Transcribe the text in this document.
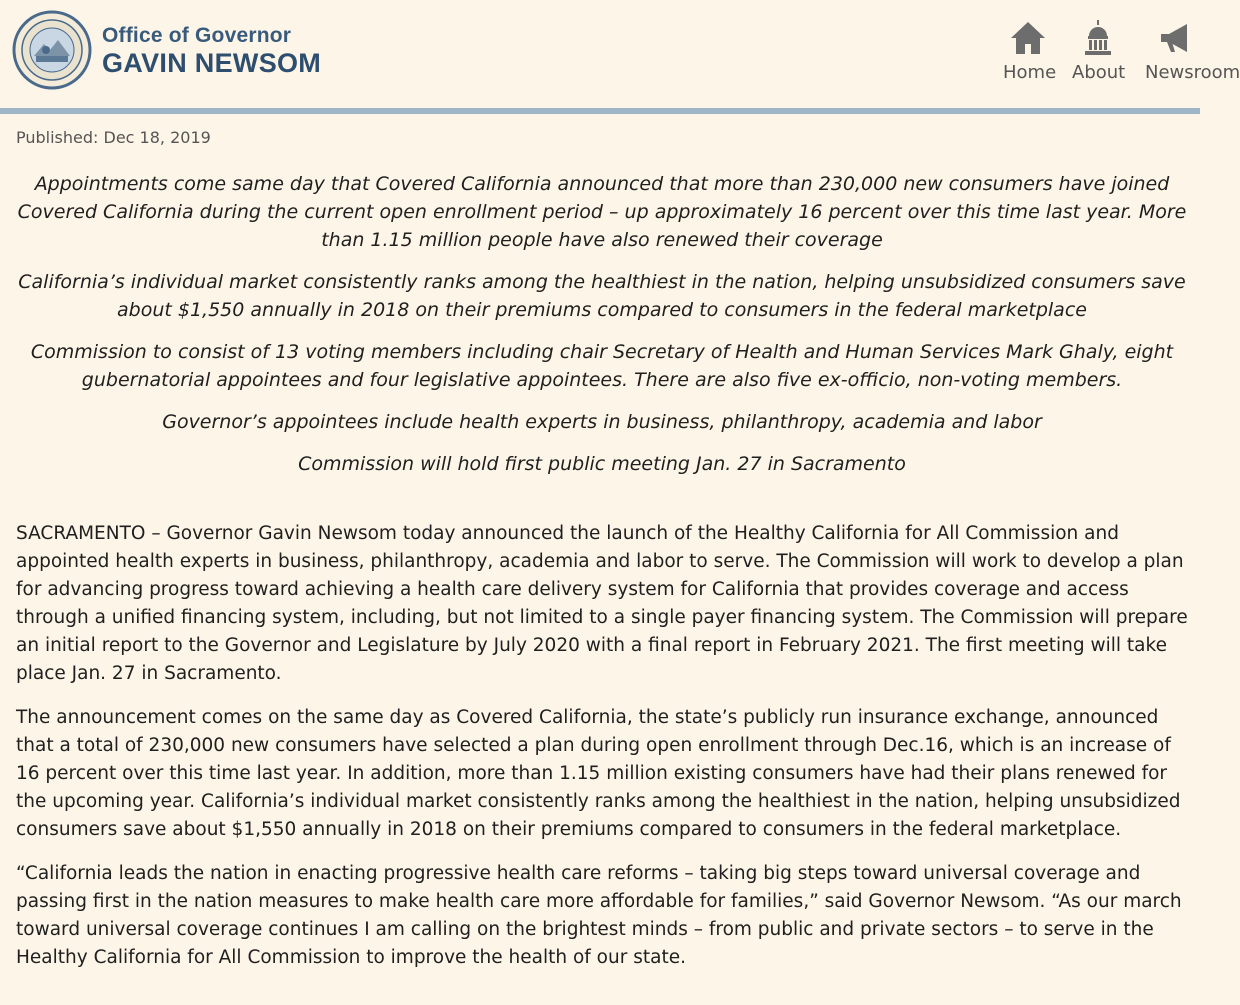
Office of Governor
GAVIN NEWSOM	Home About Newsroom
Published: Dec 18, 2019

Appointments come same day that Covered California announced that more than 230,000 new consumers have joined Covered California during the current open enrollment period – up approximately 16 percent over this time last year. More than 1.15 million people have also renewed their coverage

California’s individual market consistently ranks among the healthiest in the nation, helping unsubsidized consumers save about $1,550 annually in 2018 on their premiums compared to consumers in the federal marketplace

Commission to consist of 13 voting members including chair Secretary of Health and Human Services Mark Ghaly, eight gubernatorial appointees and four legislative appointees. There are also five ex-officio, non-voting members.

Governor’s appointees include health experts in business, philanthropy, academia and labor

Commission will hold first public meeting Jan. 27 in Sacramento

SACRAMENTO – Governor Gavin Newsom today announced the launch of the Healthy California for All Commission and appointed health experts in business, philanthropy, academia and labor to serve. The Commission will work to develop a plan for advancing progress toward achieving a health care delivery system for California that provides coverage and access through a unified financing system, including, but not limited to a single payer financing system. The Commission will prepare an initial report to the Governor and Legislature by July 2020 with a final report in February 2021. The first meeting will take place Jan. 27 in Sacramento.

The announcement comes on the same day as Covered California, the state’s publicly run insurance exchange, announced that a total of 230,000 new consumers have selected a plan during open enrollment through Dec.16, which is an increase of 16 percent over this time last year. In addition, more than 1.15 million existing consumers have had their plans renewed for the upcoming year. California’s individual market consistently ranks among the healthiest in the nation, helping unsubsidized consumers save about $1,550 annually in 2018 on their premiums compared to consumers in the federal marketplace.

“California leads the nation in enacting progressive health care reforms – taking big steps toward universal coverage and passing first in the nation measures to make health care more affordable for families,” said Governor Newsom. “As our march toward universal coverage continues I am calling on the brightest minds – from public and private sectors – to serve in the Healthy California for All Commission to improve the health of our state.
